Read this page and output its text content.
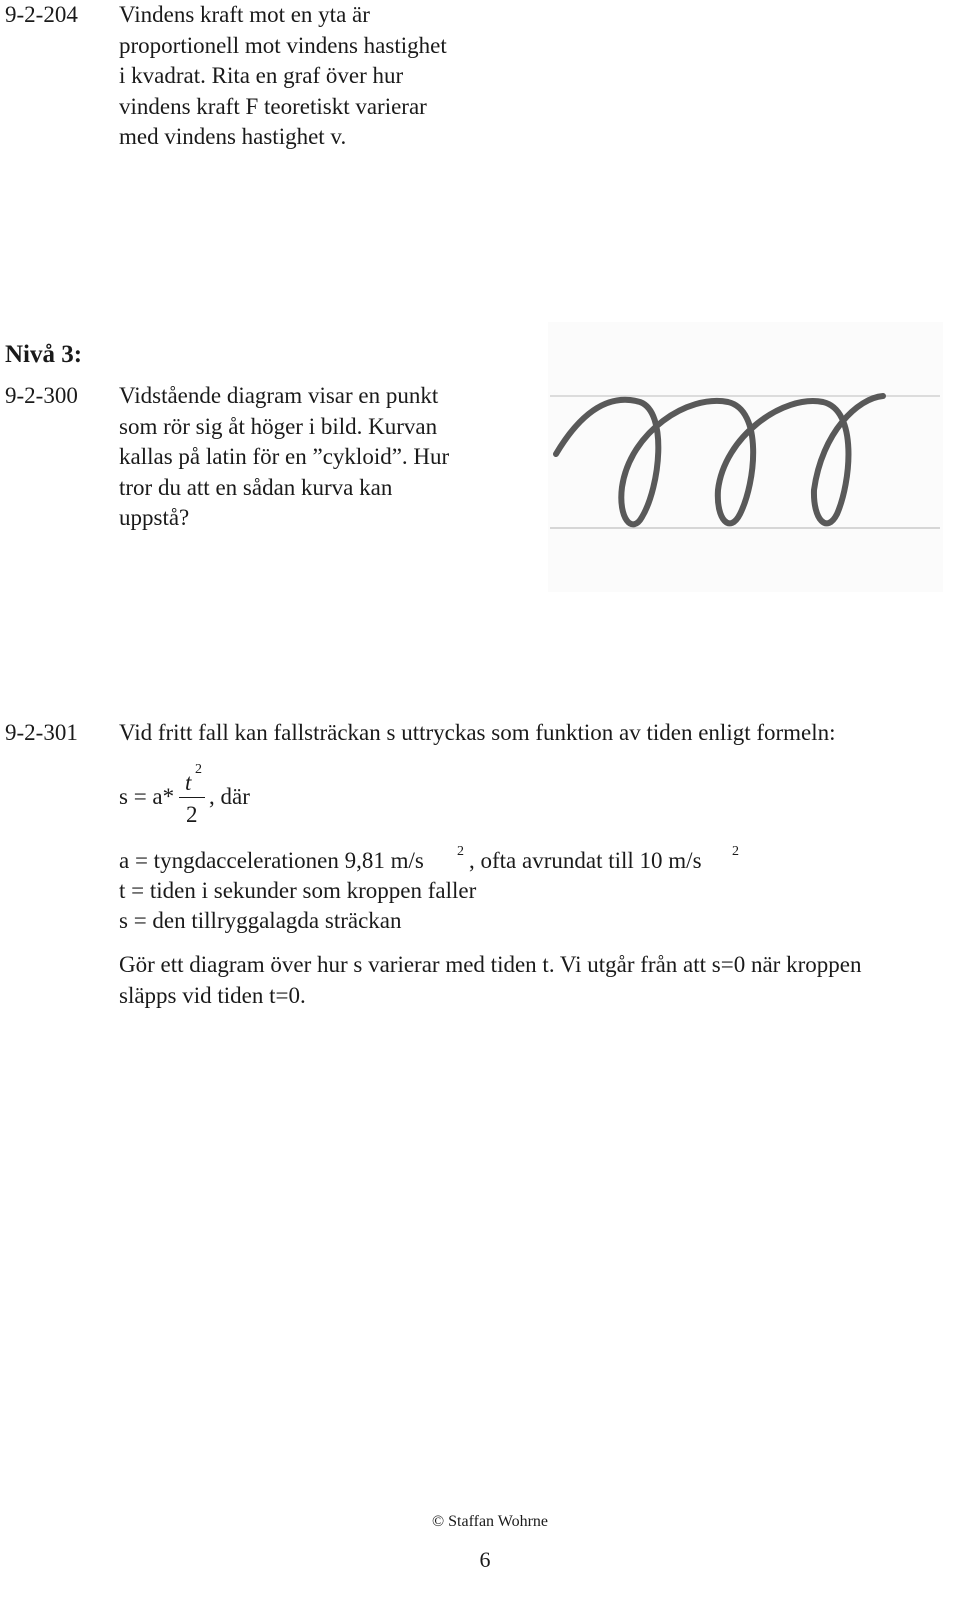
9-2-204 Vindens kraft mot en yta är
proportionell mot vindens hastighet
i kvadrat. Rita en graf över hur
vindens kraft F teoretiskt varierar
med vindens hastighet v.
Nivå 3:
9-2-300 Vidstående diagram visar en punkt
som rör sig åt höger i bild. Kurvan
kallas på latin för en ”cykloid”. Hur
tror du att en sådan kurva kan
uppstå?
9-2-301 Vid fritt fall kan fallsträckan s uttryckas som funktion av tiden enligt formeln:
s = a*
t
2
2
, där
a = tyngdaccelerationen 9,81 m/s 2 , ofta avrundat till 10 m/s 2
t = tiden i sekunder som kroppen faller
s = den tillryggalagda sträckan
Gör ett diagram över hur s varierar med tiden t. Vi utgår från att s=0 när kroppen
släpps vid tiden t=0.
© Staffan Wohrne
6
